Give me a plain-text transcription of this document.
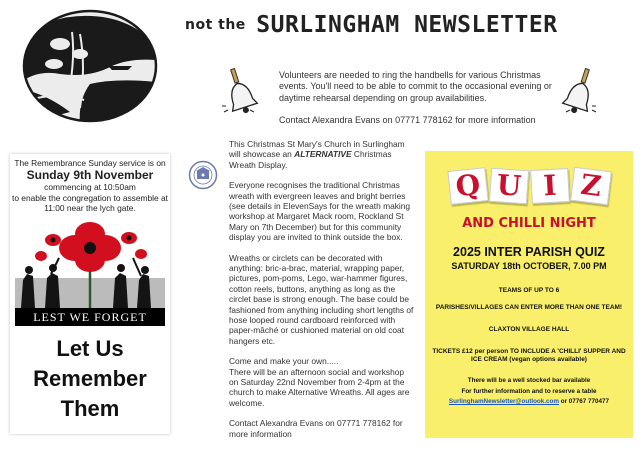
not the SURLINGHAM NEWSLETTER

Volunteers are needed to ring the handbells for various Christmas events. You'll need to be able to commit to the occasional evening or daytime rehearsal depending on group availabilities.

Contact Alexandra Evans on 07771 778162 for more information

The Remembrance Sunday service is on
Sunday 9th November
commencing at 10:50am
to enable the congregation to assemble at
11:00 near the lych gate.
LEST WE FORGET
Let Us
Remember
Them

This Christmas St Mary's Church in Surlingham will showcase an ALTERNATIVE Christmas Wreath Display.

Everyone recognises the traditional Christmas wreath with evergreen leaves and bright berries (see details in ElevenSays for the wreath making workshop at Margaret Mack room, Rockland St Mary on 7th December) but for this community display you are invited to think outside the box.

Wreaths or circlets can be decorated with anything: bric-a-brac, material, wrapping paper, pictures, pom-poms, Lego, war-hammer figures, cotton reels, buttons, anything as long as the circlet base is strong enough. The base could be fashioned from anything including short lengths of hose looped round cardboard reinforced with paper-mâché or cushioned material on old coat hangers etc.

Come and make your own.....
There will be an afternoon social and workshop on Saturday 22nd November from 2-4pm at the church to make Alternative Wreaths. All ages are welcome.

Contact Alexandra Evans on 07771 778162 for more information

Q U I Z
AND CHILLI NIGHT
2025 INTER PARISH QUIZ
SATURDAY 18th OCTOBER, 7.00 PM
TEAMS OF UP TO 6
PARISHES/VILLAGES CAN ENTER MORE THAN ONE TEAM!
CLAXTON VILLAGE HALL
TICKETS £12 per person TO INCLUDE A 'CHILLI' SUPPER AND ICE CREAM (vegan options available)
There will be a well stocked bar available
For further information and to reserve a table
SurlinghamNewsletter@outlook.com or 07767 770477
